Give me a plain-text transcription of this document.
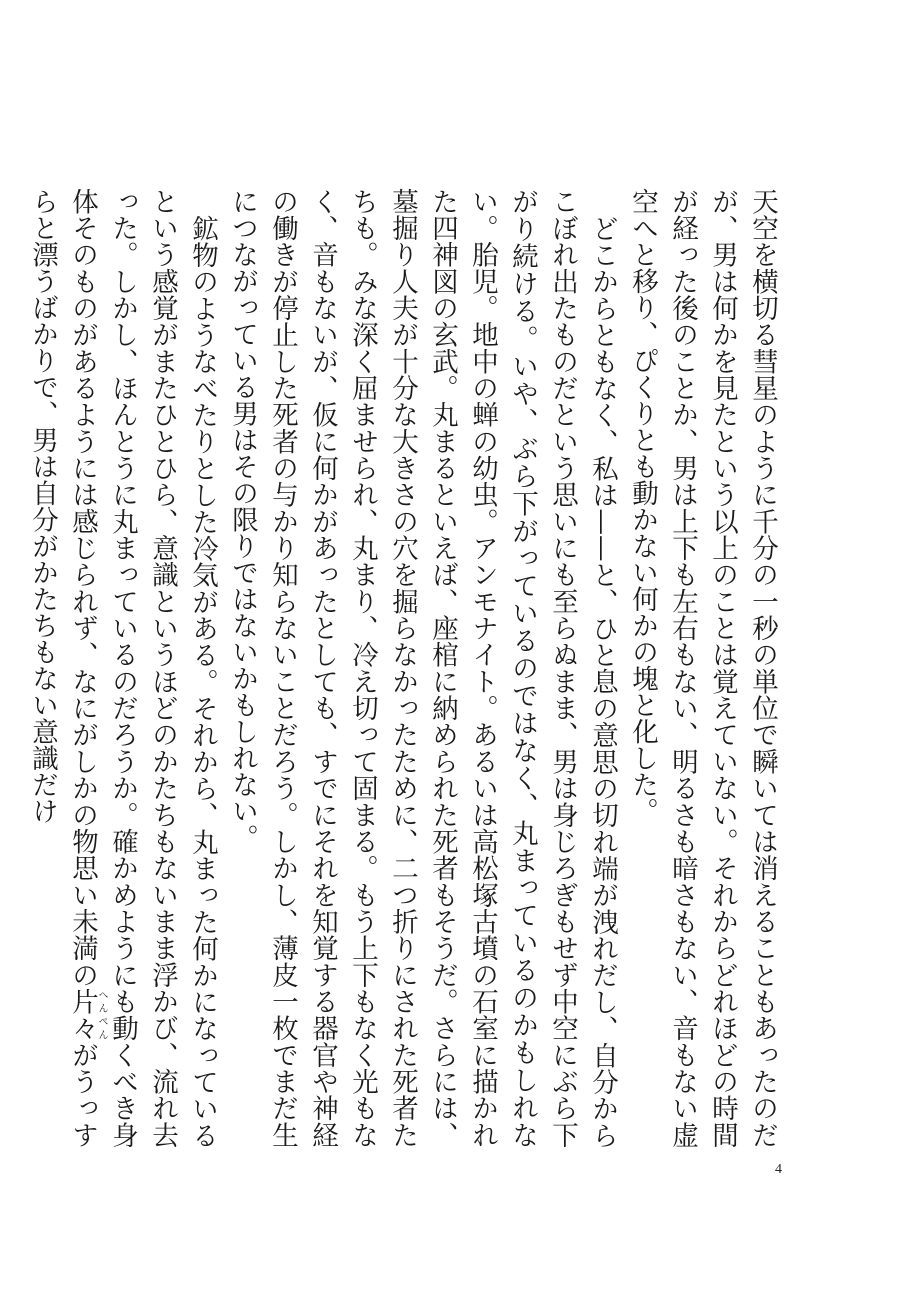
天空を横切る彗星のように千分の一秒の単位で瞬いては消えることもあったのだが、男は何かを見たという以上のことは覚えていない。それからどれほどの時間が経った後のことか、男は上下も左右もない、明るさも暗さもない、音もない虚空へと移り、ぴくりとも動かない何かの塊と化した。

どこからともなく、私は——と、ひと息の意思の切れ端が洩れだし、自分からこぼれ出たものだという思いにも至らぬまま、男は身じろぎもせず中空にぶら下がり続ける。いや、ぶら下がっているのではなく、丸まっているのかもしれない。胎児。地中の蝉の幼虫。アンモナイト。あるいは高松塚古墳の石室に描かれた四神図の玄武。丸まるといえば、座棺に納められた死者もそうだ。さらには、墓掘り人夫が十分な大きさの穴を掘らなかったために、二つ折りにされた死者たちも。みな深く屈ませられ、丸まり、冷え切って固まる。もう上下もなく光もなく、音もないが、仮に何かがあったとしても、すでにそれを知覚する器官や神経の働きが停止した死者の与かり知らないことだろう。しかし、薄皮一枚でまだ生につながっている男はその限りではないかもしれない。

鉱物のようなべたりとした冷気がある。それから、丸まった何かになっているという感覚がまたひとひら、意識というほどのかたちもないまま浮かび、流れ去った。しかし、ほんとうに丸まっているのだろうか。確かめようにも動くべき身体そのものがあるようには感じられず、なにがしかの物思い未満の片々へんぺんがうっすらと漂うばかりで、男は自分がかたちもない意識だけ

4
